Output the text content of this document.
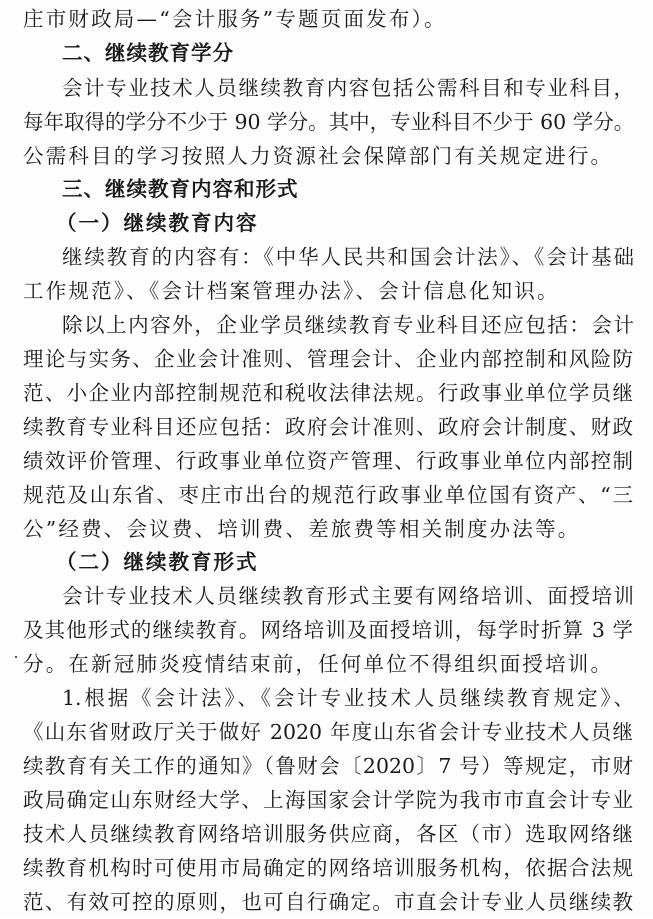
庄市财政局—“会计服务”专题页面发布）。
二、继续教育学分
会计专业技术人员继续教育内容包括公需科目和专业科目，
每年取得的学分不少于 90 学分。其中，专业科目不少于 60 学分。
公需科目的学习按照人力资源社会保障部门有关规定进行。
三、继续教育内容和形式
（一）继续教育内容
继续教育的内容有：《中华人民共和国会计法》、《会计基础
工作规范》、《会计档案管理办法》、会计信息化知识。
除以上内容外，企业学员继续教育专业科目还应包括：会计
理论与实务、企业会计准则、管理会计、企业内部控制和风险防
范、小企业内部控制规范和税收法律法规。行政事业单位学员继
续教育专业科目还应包括：政府会计准则、政府会计制度、财政
绩效评价管理、行政事业单位资产管理、行政事业单位内部控制
规范及山东省、枣庄市出台的规范行政事业单位国有资产、“三
公”经费、会议费、培训费、差旅费等相关制度办法等。
（二）继续教育形式
会计专业技术人员继续教育形式主要有网络培训、面授培训
及其他形式的继续教育。网络培训及面授培训，每学时折算 3 学
分。在新冠肺炎疫情结束前，任何单位不得组织面授培训。
1.根据《会计法》、《会计专业技术人员继续教育规定》、
《山东省财政厅关于做好 2020 年度山东省会计专业技术人员继
续教育有关工作的通知》（鲁财会〔2020〕7 号）等规定，市财
政局确定山东财经大学、上海国家会计学院为我市市直会计专业
技术人员继续教育网络培训服务供应商，各区（市）选取网络继
续教育机构时可使用市局确定的网络培训服务机构，依据合法规
范、有效可控的原则，也可自行确定。市直会计专业人员继续教
